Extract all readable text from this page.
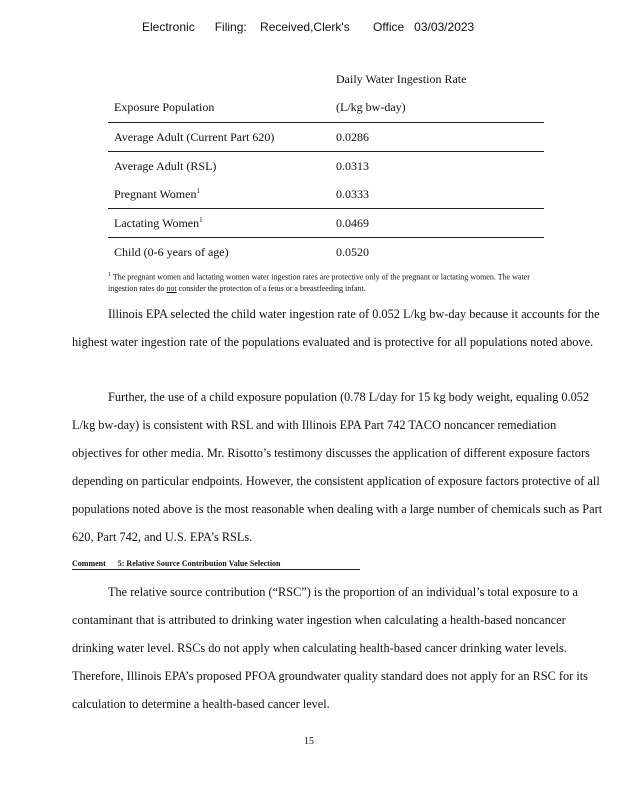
Electronic      Filing:    Received,Clerk's       Office   03/03/2023
	Daily Water Ingestion Rate
Exposure Population	(L/kg bw-day)
Average Adult (Current Part 620)	0.0286
Average Adult (RSL)	0.0313
Pregnant Women$^1$	0.0333
Lactating Women$^1$	0.0469
Child (0-6 years of age)	0.0520
$^1$ The pregnant women and lactating women water ingestion rates are protective only of the pregnant or lactating women. The water ingestion rates do not consider the protection of a fetus or a breastfeeding infant.

Illinois EPA selected the child water ingestion rate of 0.052 L/kg bw-day because it accounts for the highest water ingestion rate of the populations evaluated and is protective for all populations noted above.

Further, the use of a child exposure population (0.78 L/day for 15 kg body weight, equaling 0.052 L/kg bw-day) is consistent with RSL and with Illinois EPA Part 742 TACO noncancer remediation objectives for other media. Mr. Risotto’s testimony discusses the application of different exposure factors depending on particular endpoints. However, the consistent application of exposure factors protective of all populations noted above is the most reasonable when dealing with a large number of chemicals such as Part 620, Part 742, and U.S. EPA’s RSLs.

Comment      5: Relative Source Contribution Value Selection

The relative source contribution (“RSC”) is the proportion of an individual’s total exposure to a contaminant that is attributed to drinking water ingestion when calculating a health-based noncancer drinking water level. RSCs do not apply when calculating health-based cancer drinking water levels. Therefore, Illinois EPA’s proposed PFOA groundwater quality standard does not apply for an RSC for its calculation to determine a health-based cancer level.

15
